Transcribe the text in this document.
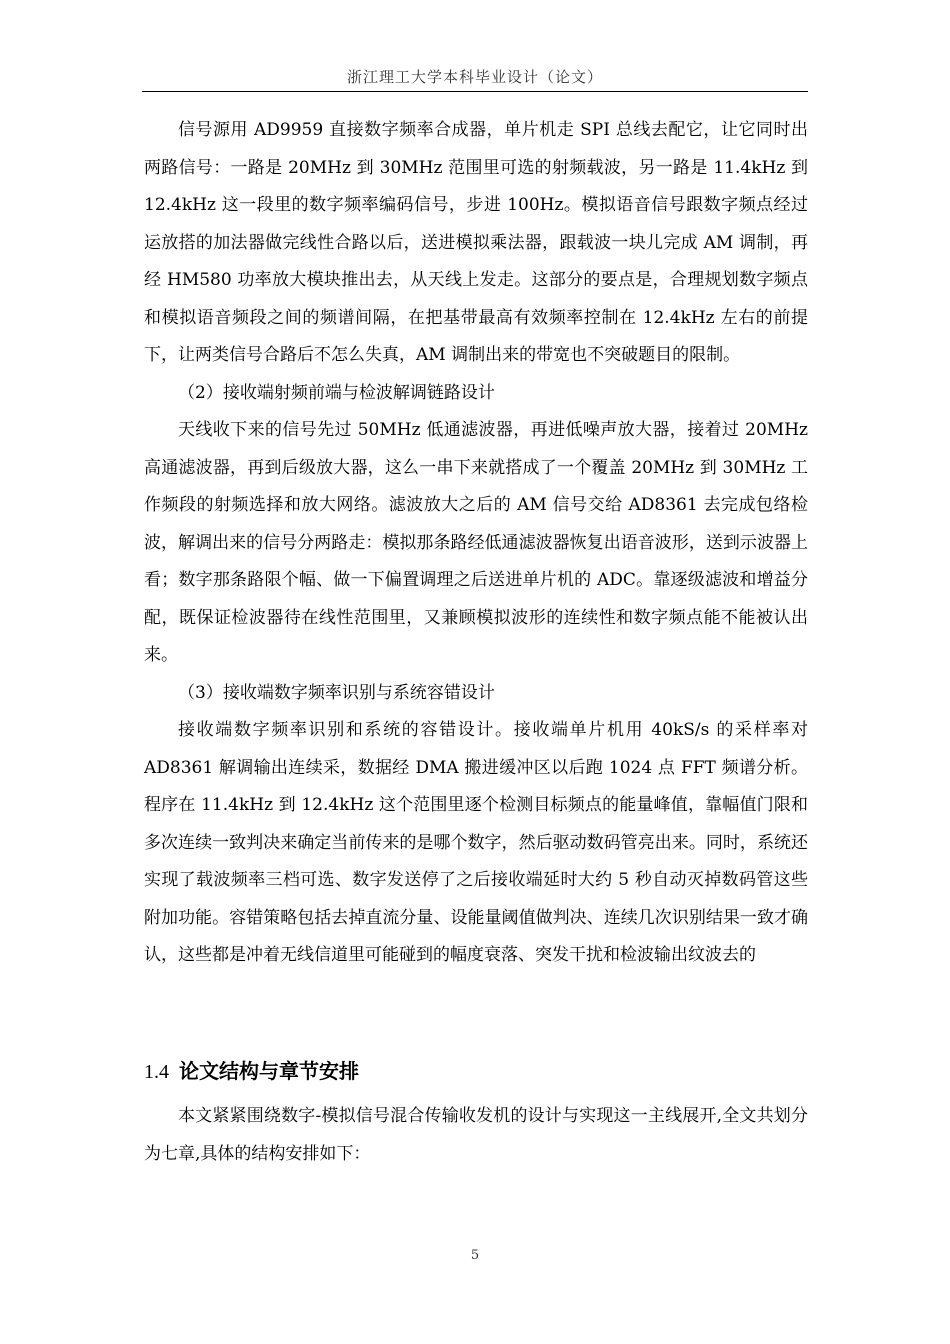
浙江理工大学本科毕业设计（论文）

信号源用 AD9959 直接数字频率合成器，单片机走 SPI 总线去配它，让它同时出两路信号：一路是 20MHz 到 30MHz 范围里可选的射频载波，另一路是 11.4kHz 到 12.4kHz 这一段里的数字频率编码信号，步进 100Hz。模拟语音信号跟数字频点经过运放搭的加法器做完线性合路以后，送进模拟乘法器，跟载波一块儿完成 AM 调制，再经 HM580 功率放大模块推出去，从天线上发走。这部分的要点是，合理规划数字频点和模拟语音频段之间的频谱间隔，在把基带最高有效频率控制在 12.4kHz 左右的前提下，让两类信号合路后不怎么失真，AM 调制出来的带宽也不突破题目的限制。

（2）接收端射频前端与检波解调链路设计

天线收下来的信号先过 50MHz 低通滤波器，再进低噪声放大器，接着过 20MHz 高通滤波器，再到后级放大器，这么一串下来就搭成了一个覆盖 20MHz 到 30MHz 工作频段的射频选择和放大网络。滤波放大之后的 AM 信号交给 AD8361 去完成包络检波，解调出来的信号分两路走：模拟那条路经低通滤波器恢复出语音波形，送到示波器上看；数字那条路限个幅、做一下偏置调理之后送进单片机的 ADC。靠逐级滤波和增益分配，既保证检波器待在线性范围里，又兼顾模拟波形的连续性和数字频点能不能被认出来。

（3）接收端数字频率识别与系统容错设计

接收端数字频率识别和系统的容错设计。接收端单片机用 40kS/s 的采样率对 AD8361 解调输出连续采，数据经 DMA 搬进缓冲区以后跑 1024 点 FFT 频谱分析。程序在 11.4kHz 到 12.4kHz 这个范围里逐个检测目标频点的能量峰值，靠幅值门限和多次连续一致判决来确定当前传来的是哪个数字，然后驱动数码管亮出来。同时，系统还实现了载波频率三档可选、数字发送停了之后接收端延时大约 5 秒自动灭掉数码管这些附加功能。容错策略包括去掉直流分量、设能量阈值做判决、连续几次识别结果一致才确认，这些都是冲着无线信道里可能碰到的幅度衰落、突发干扰和检波输出纹波去的

1.4 论文结构与章节安排

本文紧紧围绕数字-模拟信号混合传输收发机的设计与实现这一主线展开,全文共划分为七章,具体的结构安排如下：

5
